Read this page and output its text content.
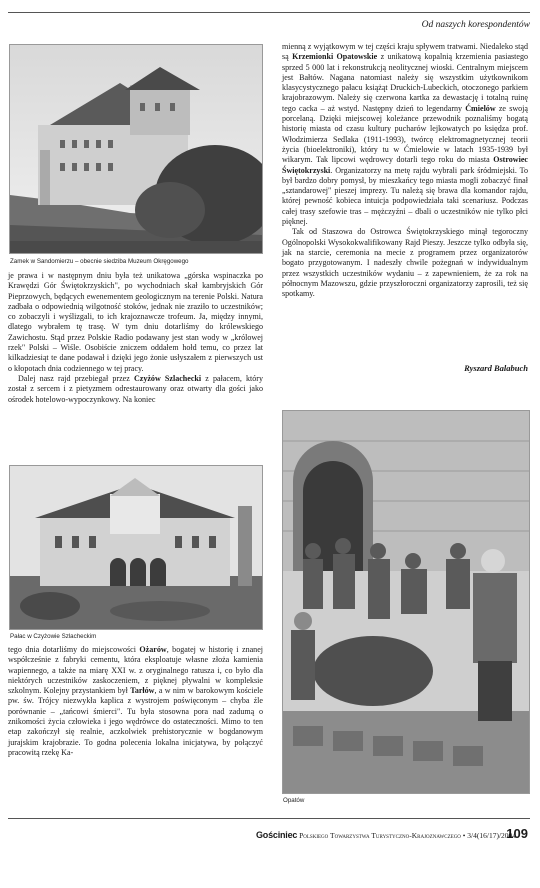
Od naszych korespondentów
Zamek w Sandomierzu – obecnie siedziba Muzeum Okręgowego

je prawa i w następnym dniu była też unikatowa „górska wspinaczka po Krawędzi Gór Świętokrzyskich", po wychodniach skał kambryjskich Gór Pieprzowych, będących ewenementem geologicznym na terenie Polski. Natura zadbała o odpowiednią wilgotność stoków, jednak nie zraziło to uczestników; co zobaczyli i wyślizgali, to ich krajoznawcze trofeum. Ja, między innymi, dlatego wybrałem tę trasę. W tym dniu dotarliśmy do królewskiego Zawichostu. Stąd przez Polskie Radio podawany jest stan wody w „królowej rzek" Polski – Wiśle. Osobiście zniczem oddałem hołd temu, co przez lat kilkadziesiąt te dane podawał i dzięki jego żonie usłyszałem z pierwszych ust o kłopotach dnia codziennego w tej pracy.

Dalej nasz rajd przebiegał przez Czyżów Szlachecki z pałacem, który został z sercem i z pietyzmem odrestaurowany oraz otwarty dla gości jako ośrodek hotelowo-wypoczynkowy. Na koniec

Pałac w Czyżowie Szlacheckim

tego dnia dotarliśmy do miejscowości Ożarów, bogatej w historię i znanej współcześnie z fabryki cementu, która eksploatuje własne złoża kamienia wapiennego, a także na miarę XXI w. z oryginalnego ratusza i, co było dla niektórych uczestników zaskoczeniem, z pięknej pływalni w kompleksie szkolnym. Kolejny przystankiem był Tarłów, a w nim w barokowym kościele pw. św. Trójcy niezwykła kaplica z wystrojem poświęconym – chyba źle porównanie – „tańcowi śmierci". Tu była stosowna pora nad zadumą o znikomości życia człowieka i jego wędrówce do ostateczności. Mimo to ten etap zakończył się realnie, aczkolwiek prehistorycznie w bogdanowym jurajskim krajobrazie. To godna polecenia lokalna inicjatywa, by połączyć pracowitą rzekę Ka-

mienną z wyjątkowym w tej części kraju spływem tratwami. Niedaleko stąd są Krzemionki Opatowskie z unikatową kopalnią krzemienia pasiastego sprzed 5 000 lat i rekonstrukcją neolitycznej wioski. Centralnym miejscem jest Bałtów. Nagana natomiast należy się wszystkim użytkownikom klasycystycznego pałacu książąt Druckich-Lubeckich, otoczonego parkiem krajobrazowym. Należy się czerwona kartka za dewastację i totalną ruinę tego cacka – aż wstyd. Następny dzień to legendarny Ćmielów ze swoją porcelaną. Dzięki miejscowej koleżance przewodnik poznaliśmy bogatą historię miasta od czasu kultury pucharów lejkowatych po księdza prof. Włodzimierza Sedlaka (1911-1993), twórcę elektromagnetycznej teorii życia (bioelektroniki), który tu w Ćmielowie w latach 1935-1939 był wikarym. Tak lipcowi wędrowcy dotarli tego roku do miasta Ostrowiec Świętokrzyski. Organizatorzy na metę rajdu wybrali park śródmiejski. To był bardzo dobry pomysł, by mieszkańcy tego miasta mogli zobaczyć finał „sztandarowej" pieszej imprezy. Tu należą się brawa dla komandor rajdu, której pewność kobieca intuicja podpowiedziała taki scenariusz. Podczas całej trasy szefowie tras – mężczyźni – dbali o uczestników nie tylko płci pięknej.

Tak od Staszowa do Ostrowca Świętokrzyskiego minął tegoroczny Ogólnopolski Wysokokwalifikowany Rajd Pieszy. Jeszcze tylko odbyła się, jak na starcie, ceremonia na mecie z programem przez organizatorów bogato przygotowanym. I nadeszły chwile pożegnań w indywidualnym przez wszystkich uczestników wydaniu – z zapewnieniem, że za rok na północnym Mazowszu, gdzie przyszłoroczni organizatorzy zaprosili, też się spotkamy.

Ryszard Balabuch
Opatów
Gościniec Polskiego Towarzystwa Turystyczno-Krajoznawczego • 3/4(16/17)/2004
109
